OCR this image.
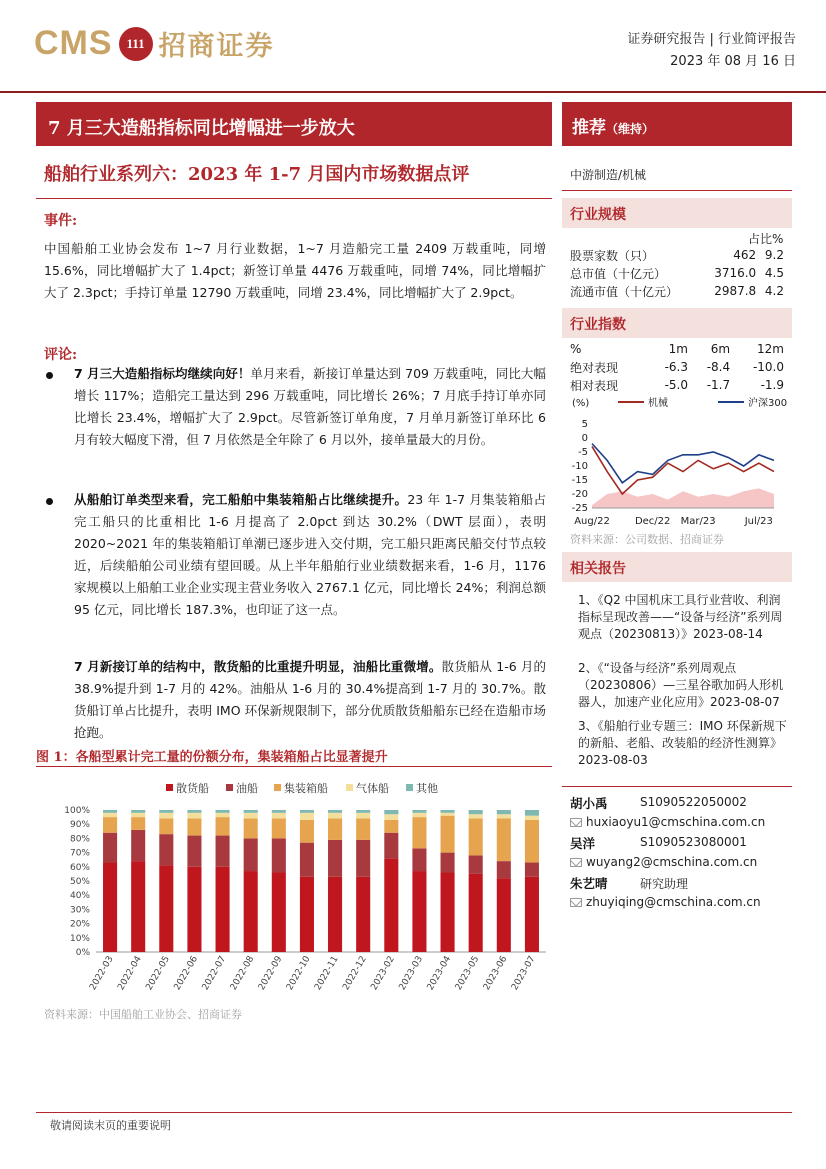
CMS	111 招商证券	证券研究报告 | 行业简评报告
2023 年 08 月 16 日
7 月三大造船指标同比增幅进一步放大
船舶行业系列六：2023 年 1-7 月国内市场数据点评
事件:
中国船舶工业协会发布 1~7 月行业数据，1~7 月造船完工量 2409 万载重吨，同增 15.6%，同比增幅扩大了 1.4pct；新签订单量 4476 万载重吨，同增 74%，同比增幅扩大了 2.3pct；手持订单量 12790 万载重吨，同增 23.4%，同比增幅扩大了 2.9pct。
评论:
7 月三大造船指标均继续向好！单月来看，新接订单量达到 709 万载重吨，同比大幅增长 117%；造船完工量达到 296 万载重吨，同比增长 26%；7 月底手持订单亦同比增长 23.4%，增幅扩大了 2.9pct。尽管新签订单角度，7 月单月新签订单环比 6 月有较大幅度下滑，但 7 月依然是全年除了 6 月以外，接单量最大的月份。
从船舶订单类型来看，完工船舶中集装箱船占比继续提升。23 年 1-7 月集装箱船占完工船只的比重相比 1-6 月提高了 2.0pct 到达 30.2%（DWT 层面），表明 2020~2021 年的集装箱船订单潮已逐步进入交付期，完工船只距离民船交付节点较近，后续船舶公司业绩有望回暖。从上半年船舶行业业绩数据来看，1-6 月，1176 家规模以上船舶工业企业实现主营业务收入 2767.1 亿元，同比增长 24%；利润总额 95 亿元，同比增长 187.3%，也印证了这一点。
7 月新接订单的结构中，散货船的比重提升明显，油船比重微增。散货船从 1-6 月的 38.9%提升到 1-7 月的 42%。油船从 1-6 月的 30.4%提高到 1-7 月的 30.7%。散货船订单占比提升，表明 IMO 环保新规限制下，部分优质散货船船东已经在造船市场抢跑。
图 1：各船型累计完工量的份额分布，集装箱船占比显著提升
散货船 油船 集装箱船	气体船 其他
0%
10%
20%
30%
40%
50%
60%
70%
80%
90%
100%
2022-03 2022-04 2022-05 2022-06 2022-07 2022-08 2022-09 2022-10 2022-11 2022-12 2023-02 2023-03 2023-04 2023-05 2023-06 2023-07
资料来源：中国船舶工业协会、招商证券
推荐（维持）
中游制造/机械
行业规模
占比%
股票家数（只）	462	9.2
总市值（十亿元）	3716.0	4.5
流通市值（十亿元）	2987.8	4.2
行业指数
%	1m	6m	12m
绝对表现	-6.3	-8.4	-10.0
相对表现	-5.0	-1.7	-1.9
(%)	机械	沪深300
5
0
-5
-10
-15
-20
-25
Aug/22	Dec/22 Mar/23	Jul/23
资料来源：公司数据、招商证券
相关报告
1、《Q2 中国机床工具行业营收、利润指标呈现改善——“设备与经济”系列周观点（20230813）》2023-08-14
2、《“设备与经济”系列周观点（20230806）—三星谷歌加码人形机器人，加速产业化应用》2023-08-07
3、《船舶行业专题三：IMO 环保新规下的新船、老船、改装船的经济性测算》2023-08-03
胡小禹	S1090522050002
huxiaoyu1@cmschina.com.cn
吴洋	S1090523080001
wuyang2@cmschina.com.cn
朱艺晴	研究助理
zhuyiqing@cmschina.com.cn
敬请阅读末页的重要说明
